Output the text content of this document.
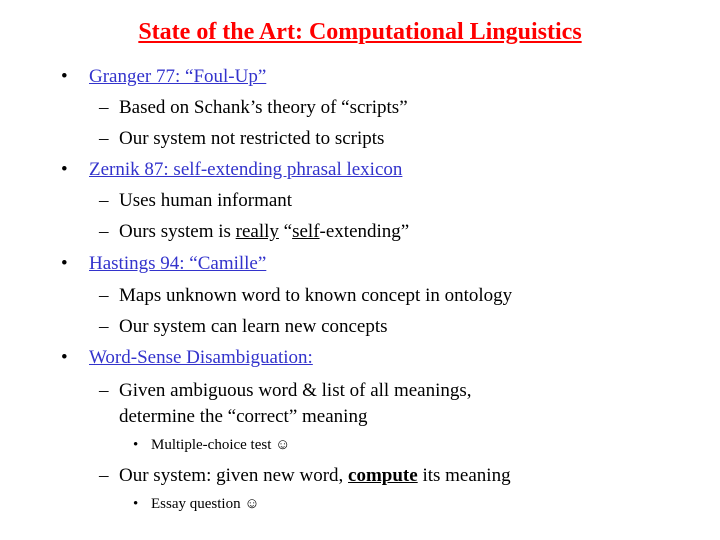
State of the Art: Computational Linguistics
• Granger 77: “Foul-Up”
– Based on Schank’s theory of “scripts”
– Our system not restricted to scripts
• Zernik 87: self-extending phrasal lexicon
– Uses human informant
– Ours system is really “self-extending”
• Hastings 94: “Camille”
– Maps unknown word to known concept in ontology
– Our system can learn new concepts
• Word-Sense Disambiguation:
– Given ambiguous word & list of all meanings,
determine the “correct” meaning
• Multiple-choice test ☺
– Our system: given new word, compute its meaning
• Essay question ☺
